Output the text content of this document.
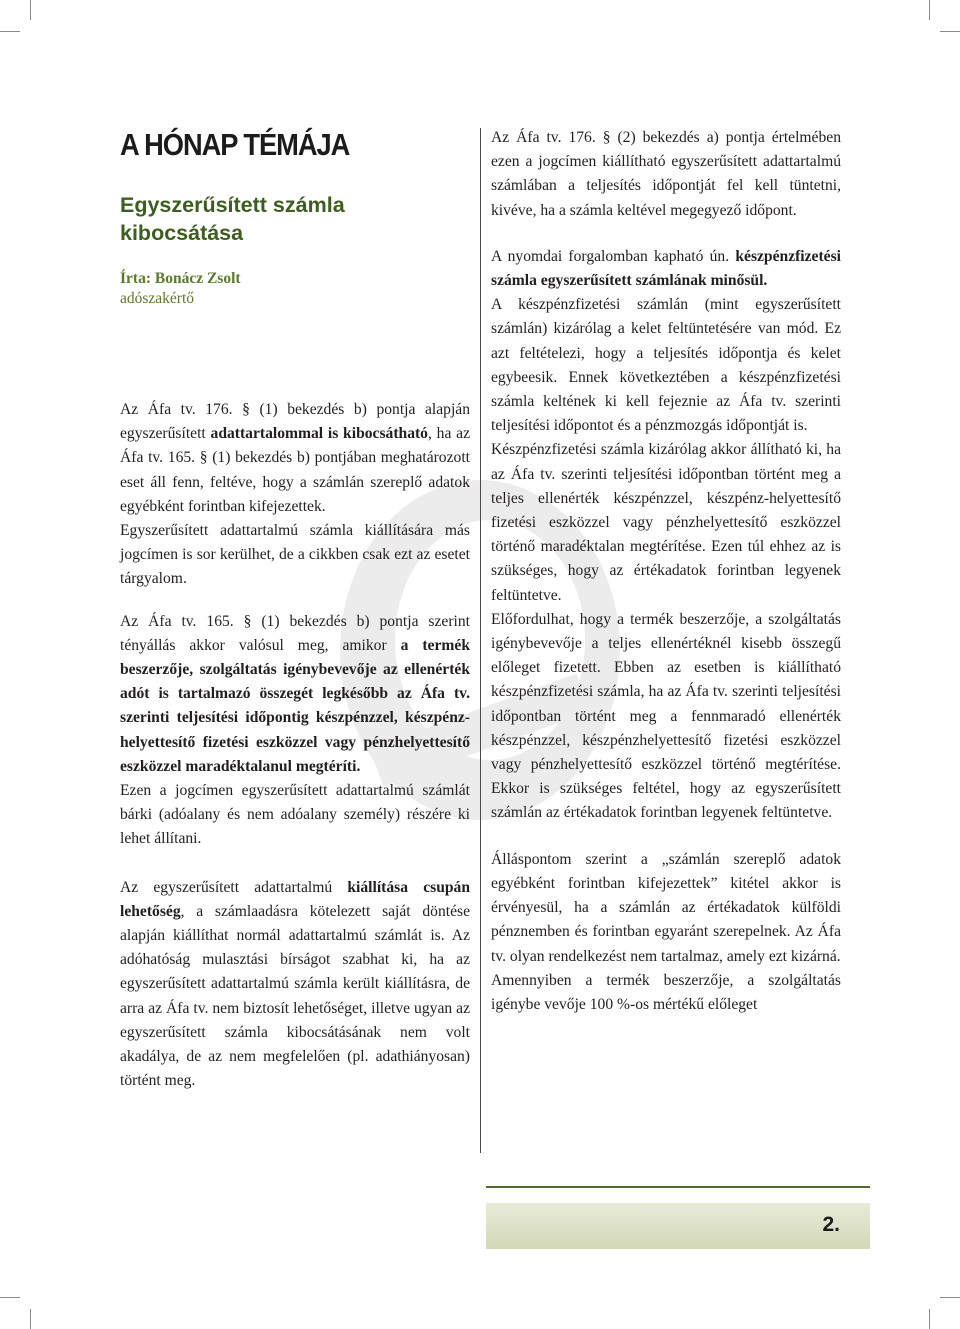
A HÓNAP TÉMÁJA
Egyszerűsített számla kibocsátása
Írta: Bonácz Zsolt
adószakértő

Az Áfa tv. 176. § (1) bekezdés b) pontja alapján egyszerűsített adattartalommal is kibocsátható, ha az Áfa tv. 165. § (1) bekezdés b) pontjában meghatározott eset áll fenn, feltéve, hogy a számlán szereplő adatok egyébként forintban kifejezettek.

Egyszerűsített adattartalmú számla kiállítására más jogcímen is sor kerülhet, de a cikkben csak ezt az esetet tárgyalom.

Az Áfa tv. 165. § (1) bekezdés b) pontja szerint tényállás akkor valósul meg, amikor a termék beszerzője, szolgáltatás igénybevevője az ellenérték adót is tartalmazó összegét legkésőbb az Áfa tv. szerinti teljesítési időpontig készpénzzel, készpénz-helyettesítő fizetési eszközzel vagy pénzhelyettesítő eszközzel maradéktalanul megtéríti.

Ezen a jogcímen egyszerűsített adattartalmú számlát bárki (adóalany és nem adóalany személy) részére ki lehet állítani.

Az egyszerűsített adattartalmú kiállítása csupán lehetőség, a számlaadásra kötelezett saját döntése alapján kiállíthat normál adattartalmú számlát is. Az adóhatóság mulasztási bírságot szabhat ki, ha az egyszerűsített adattartalmú számla került kiállításra, de arra az Áfa tv. nem biztosít lehetőséget, illetve ugyan az egyszerűsített számla kibocsátásának nem volt akadálya, de az nem megfelelően (pl. adathiányosan) történt meg.

Az Áfa tv. 176. § (2) bekezdés a) pontja értelmében ezen a jogcímen kiállítható egyszerűsített adattartalmú számlában a teljesítés időpontját fel kell tüntetni, kivéve, ha a számla keltével megegyező időpont.

A nyomdai forgalomban kapható ún. készpénzfizetési számla egyszerűsített számlának minősül.

A készpénzfizetési számlán (mint egyszerűsített számlán) kizárólag a kelet feltüntetésére van mód. Ez azt feltételezi, hogy a teljesítés időpontja és kelet egybeesik. Ennek következtében a készpénzfizetési számla keltének ki kell fejeznie az Áfa tv. szerinti teljesítési időpontot és a pénzmozgás időpontját is.

Készpénzfizetési számla kizárólag akkor állítható ki, ha az Áfa tv. szerinti teljesítési időpontban történt meg a teljes ellenérték készpénzzel, készpénz-helyettesítő fizetési eszközzel vagy pénzhelyettesítő eszközzel történő maradéktalan megtérítése. Ezen túl ehhez az is szükséges, hogy az értékadatok forintban legyenek feltüntetve.

Előfordulhat, hogy a termék beszerzője, a szolgáltatás igénybevevője a teljes ellenértéknél kisebb összegű előleget fizetett. Ebben az esetben is kiállítható készpénzfizetési számla, ha az Áfa tv. szerinti teljesítési időpontban történt meg a fennmaradó ellenérték készpénzzel, készpénzhelyettesítő fizetési eszközzel vagy pénzhelyettesítő eszközzel történő megtérítése. Ekkor is szükséges feltétel, hogy az egyszerűsített számlán az értékadatok forintban legyenek feltüntetve.

Álláspontom szerint a „számlán szereplő adatok egyébként forintban kifejezettek” kitétel akkor is érvényesül, ha a számlán az értékadatok külföldi pénznemben és forintban egyaránt szerepelnek. Az Áfa tv. olyan rendelkezést nem tartalmaz, amely ezt kizárná.

Amennyiben a termék beszerzője, a szolgáltatás igénybe vevője 100 %-os mértékű előleget

2.
